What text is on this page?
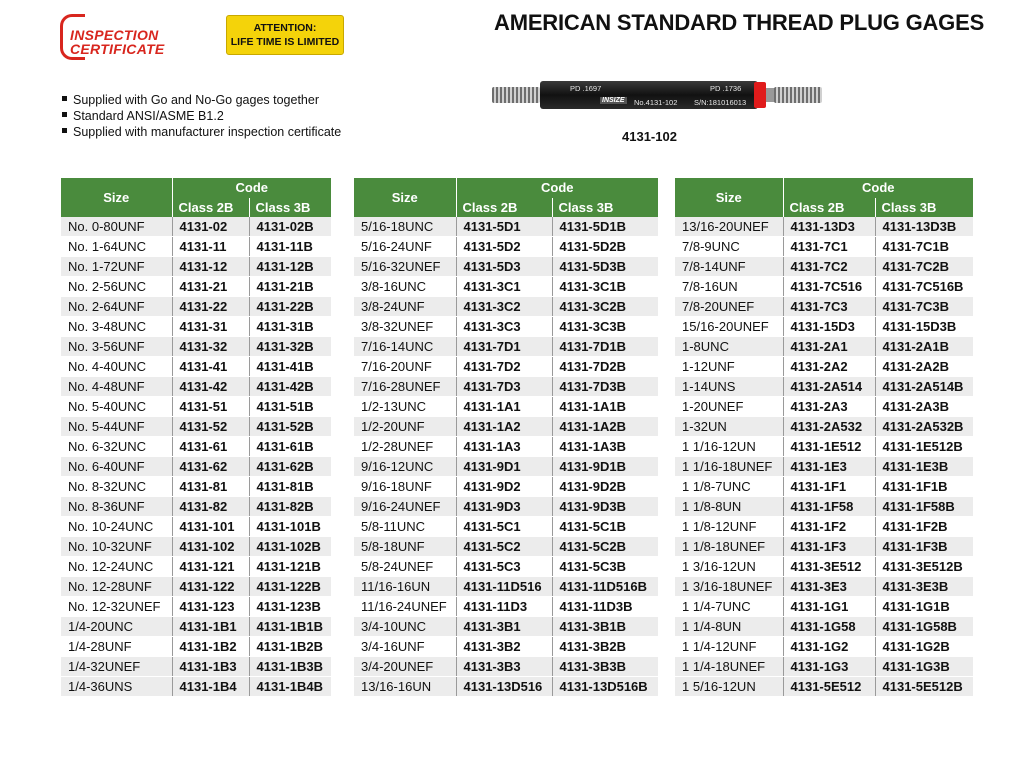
INSPECTION
CERTIFICATE
ATTENTION:
LIFE TIME IS LIMITED
AMERICAN STANDARD THREAD PLUG GAGES
Supplied with Go and No-Go gages together
Standard ANSI/ASME B1.2
Supplied with manufacturer inspection certificate
PD .1697	PD .1736
INSIZE No.4131-102 S/N:181016013
4131-102
Size	Code	
	Class 2B	Class 3B
No. 0-80UNF	4131-02	4131-02B
No. 1-64UNC	4131-11	4131-11B
No. 1-72UNF	4131-12	4131-12B
No. 2-56UNC	4131-21	4131-21B
No. 2-64UNF	4131-22	4131-22B
No. 3-48UNC	4131-31	4131-31B
No. 3-56UNF	4131-32	4131-32B
No. 4-40UNC	4131-41	4131-41B
No. 4-48UNF	4131-42	4131-42B
No. 5-40UNC	4131-51	4131-51B
No. 5-44UNF	4131-52	4131-52B
No. 6-32UNC	4131-61	4131-61B
No. 6-40UNF	4131-62	4131-62B
No. 8-32UNC	4131-81	4131-81B
No. 8-36UNF	4131-82	4131-82B
No. 10-24UNC	4131-101	4131-101B
No. 10-32UNF	4131-102	4131-102B
No. 12-24UNC	4131-121	4131-121B
No. 12-28UNF	4131-122	4131-122B
No. 12-32UNEF	4131-123	4131-123B
1/4-20UNC	4131-1B1	4131-1B1B
1/4-28UNF	4131-1B2	4131-1B2B
1/4-32UNEF	4131-1B3	4131-1B3B
1/4-36UNS	4131-1B4	4131-1B4B
Size	Code	
	Class 2B	Class 3B
5/16-18UNC	4131-5D1	4131-5D1B
5/16-24UNF	4131-5D2	4131-5D2B
5/16-32UNEF	4131-5D3	4131-5D3B
3/8-16UNC	4131-3C1	4131-3C1B
3/8-24UNF	4131-3C2	4131-3C2B
3/8-32UNEF	4131-3C3	4131-3C3B
7/16-14UNC	4131-7D1	4131-7D1B
7/16-20UNF	4131-7D2	4131-7D2B
7/16-28UNEF	4131-7D3	4131-7D3B
1/2-13UNC	4131-1A1	4131-1A1B
1/2-20UNF	4131-1A2	4131-1A2B
1/2-28UNEF	4131-1A3	4131-1A3B
9/16-12UNC	4131-9D1	4131-9D1B
9/16-18UNF	4131-9D2	4131-9D2B
9/16-24UNEF	4131-9D3	4131-9D3B
5/8-11UNC	4131-5C1	4131-5C1B
5/8-18UNF	4131-5C2	4131-5C2B
5/8-24UNEF	4131-5C3	4131-5C3B
11/16-16UN	4131-11D516	4131-11D516B
11/16-24UNEF	4131-11D3	4131-11D3B
3/4-10UNC	4131-3B1	4131-3B1B
3/4-16UNF	4131-3B2	4131-3B2B
3/4-20UNEF	4131-3B3	4131-3B3B
13/16-16UN	4131-13D516	4131-13D516B
Size	Code	
	Class 2B	Class 3B
13/16-20UNEF	4131-13D3	4131-13D3B
7/8-9UNC	4131-7C1	4131-7C1B
7/8-14UNF	4131-7C2	4131-7C2B
7/8-16UN	4131-7C516	4131-7C516B
7/8-20UNEF	4131-7C3	4131-7C3B
15/16-20UNEF	4131-15D3	4131-15D3B
1-8UNC	4131-2A1	4131-2A1B
1-12UNF	4131-2A2	4131-2A2B
1-14UNS	4131-2A514	4131-2A514B
1-20UNEF	4131-2A3	4131-2A3B
1-32UN	4131-2A532	4131-2A532B
1 1/16-12UN	4131-1E512	4131-1E512B
1 1/16-18UNEF	4131-1E3	4131-1E3B
1 1/8-7UNC	4131-1F1	4131-1F1B
1 1/8-8UN	4131-1F58	4131-1F58B
1 1/8-12UNF	4131-1F2	4131-1F2B
1 1/8-18UNEF	4131-1F3	4131-1F3B
1 3/16-12UN	4131-3E512	4131-3E512B
1 3/16-18UNEF	4131-3E3	4131-3E3B
1 1/4-7UNC	4131-1G1	4131-1G1B
1 1/4-8UN	4131-1G58	4131-1G58B
1 1/4-12UNF	4131-1G2	4131-1G2B
1 1/4-18UNEF	4131-1G3	4131-1G3B
1 5/16-12UN	4131-5E512	4131-5E512B
